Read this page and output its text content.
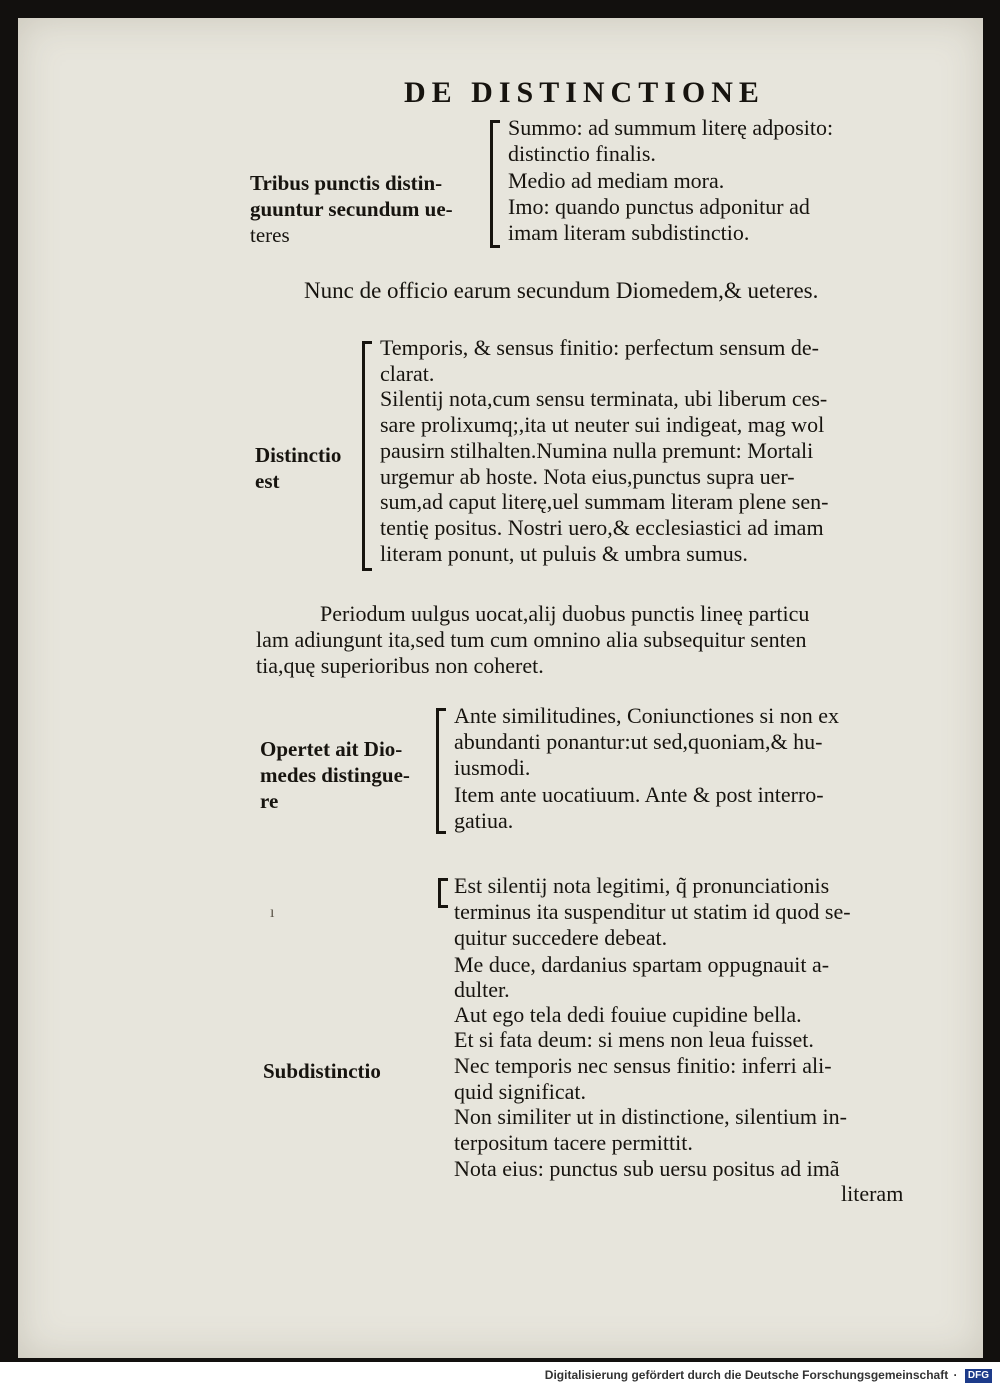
DE DISTINCTIONE
Tribus punctis distin-
guuntur secundum ue-
teres
Summo: ad summum literę adposito:
distinctio finalis.
Medio ad mediam mora.
Imo: quando punctus adponitur ad
imam literam subdistinctio.
Nunc de officio earum secundum Diomedem,& ueteres.
Distinctio
est
Temporis, & sensus finitio: perfectum sensum de-
clarat.
Silentij nota,cum sensu terminata, ubi liberum ces-
sare prolixumq;,ita ut neuter sui indigeat, mag wol
pausirn stilhalten.Numina nulla premunt: Mortali
urgemur ab hoste. Nota eius,punctus supra uer-
sum,ad caput literę,uel summam literam plene sen-
tentię positus. Nostri uero,& ecclesiastici ad imam
literam ponunt, ut puluis & umbra sumus.
Periodum uulgus uocat,alij duobus punctis lineę particu
lam adiungunt ita,sed tum cum omnino alia subsequitur senten
tia,quę superioribus non coheret.
Opertet ait Dio-
medes distingue-
re
Ante similitudines, Coniunctiones si non ex
abundanti ponantur:ut sed,quoniam,& hu-
iusmodi.
Item ante uocatiuum. Ante & post interro-
gatiua.
ı
Subdistinctio
Est silentij nota legitimi, q̃ pronunciationis
terminus ita suspenditur ut statim id quod se-
quitur succedere debeat.
Me duce, dardanius spartam oppugnauit a-
dulter.
Aut ego tela dedi fouiue cupidine bella.
Et si fata deum: si mens non leua fuisset.
Nec temporis nec sensus finitio: inferri ali-
quid significat.
Non similiter ut in distinctione, silentium in-
terpositum tacere permittit.
Nota eius: punctus sub uersu positus ad imã
literam
Digitalisierung gefördert durch die Deutsche Forschungsgemeinschaft · DFG
